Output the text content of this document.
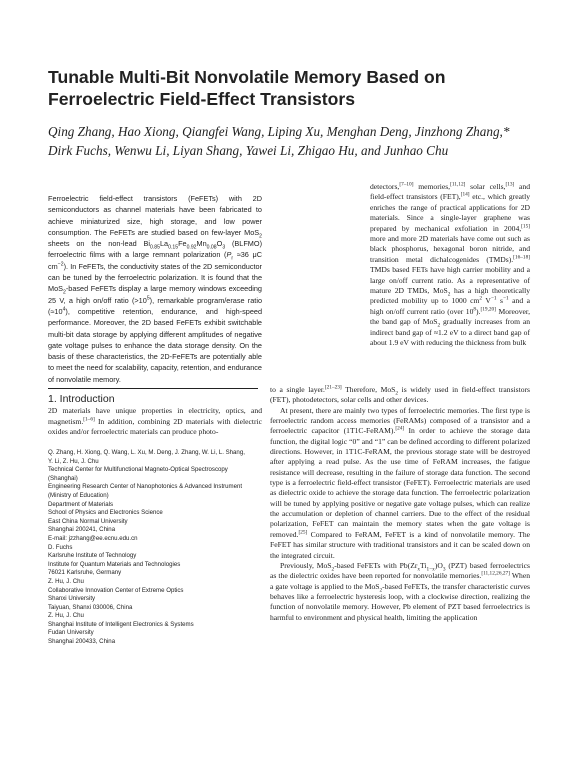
Tunable Multi-Bit Nonvolatile Memory Based on
Ferroelectric Field-Effect Transistors
Qing Zhang, Hao Xiong, Qiangfei Wang, Liping Xu, Menghan Deng, Jinzhong Zhang,*
Dirk Fuchs, Wenwu Li, Liyan Shang, Yawei Li, Zhigao Hu, and Junhao Chu

Ferroelectric field-effect transistors (FeFETs) with 2D semiconductors as channel materials have been fabricated to achieve miniaturized size, high storage, and low power consumption. The FeFETs are studied based on few-layer MoS$_2$ sheets on the non-lead $Bi_{0.85}La_{0.15}Fe_{0.92}Mn_{0.08}O_3$ (BLFMO) ferroelectric films with a large remnant polarization ($P_r \approx 36$ μC $cm^{-2}$). In FeFETs, the conductivity states of the 2D semiconductor can be tuned by the ferroelectric polarization. It is found that the MoS$_2$-based FeFETs display a large memory windows exceeding 25 V, a high on/off ratio $(>10^5)$, remarkable program/erase ratio $(\approx 10^4)$, competitive retention, endurance, and high-speed performance. Moreover, the 2D based FeFETs exhibit switchable multi-bit data storage by applying different amplitudes of negative gate voltage pulses to enhance the data storage density. On the basis of these characteristics, the 2D-FeFETs are potentially able to meet the need for scalability, capacity, retention, and endurance of nonvolatile memory.

detectors,[7–10] memories,[11,12] solar cells,[13] and field-effect transistors (FET),[14] etc., which greatly enriches the range of practical applications for 2D materials. Since a single-layer graphene was prepared by mechanical exfoliation in 2004,[15] more and more 2D materials have come out such as black phosphorus, hexagonal boron nitride, and transition metal dichalcogenides (TMDs).[16–18] TMDs based FETs have high carrier mobility and a large on/off current ratio. As a representative of mature 2D TMDs, MoS$_2$ has a high theoretically predicted mobility up to 1000 $cm^2$ $V^{-1}$ $s^{-1}$ and a high on/off current ratio (over $10^8).[19,20]$ Moreover, the band gap of MoS$_2$ gradually increases from an indirect band gap of ≈1.2 eV to a direct band gap of about 1.9 eV with reducing the thickness from bulk

1. Introduction

2D materials have unique properties in electricity, optics, and magnetism.[1–6] In addition, combining 2D materials with dielectric oxides and/or ferroelectric materials can produce photo-

Q. Zhang, H. Xiong, Q. Wang, L. Xu, M. Deng, J. Zhang, W. Li, L. Shang,
Y. Li, Z. Hu, J. Chu
Technical Center for Multifunctional Magneto-Optical Spectroscopy
(Shanghai)
Engineering Research Center of Nanophotonics & Advanced Instrument
(Ministry of Education)
Department of Materials
School of Physics and Electronics Science
East China Normal University
Shanghai 200241, China
E-mail: jzzhang@ee.ecnu.edu.cn
D. Fuchs
Karlsruhe Institute of Technology
Institute for Quantum Materials and Technologies
76021 Karlsruhe, Germany
Z. Hu, J. Chu
Collaborative Innovation Center of Extreme Optics
Shanxi University
Taiyuan, Shanxi 030006, China
Z. Hu, J. Chu
Shanghai Institute of Intelligent Electronics & Systems
Fudan University
Shanghai 200433, China

to a single layer.[21–23] Therefore, MoS$_2$ is widely used in field-effect transistors (FET), photodetectors, solar cells and other devices.

At present, there are mainly two types of ferroelectric memories. The first type is ferroelectric random access memories (FeRAMs) composed of a transistor and a ferroelectric capacitor (1T1C-FeRAM).[24] In order to achieve the storage data function, the digital logic “0” and “1” can be defined according to different polarized directions. However, in 1T1C-FeRAM, the previous storage state will be destroyed after applying a read pulse. As the use time of FeRAM increases, the fatigue resistance will decrease, resulting in the failure of storage data function. The second type is a ferroelectric field-effect transistor (FeFET). Ferroelectric materials are used as dielectric oxide to achieve the storage data function. The ferroelectric polarization will be tuned by applying positive or negative gate voltage pulses, which can realize the accumulation or depletion of channel carriers. Due to the effect of the residual polarization, FeFET can maintain the memory states when the gate voltage is removed.[25] Compared to FeRAM, FeFET is a kind of nonvolatile memory. The FeFET has similar structure with traditional transistors and it can be scaled down on the integrated circuit.

Previously, MoS$_2$-based FeFETs with $Pb(Zr_xTi_{1-x})O_3$ (PZT) based ferroelectrics as the dielectric oxides have been reported for nonvolatile memories.[11,12,26,27] When a gate voltage is applied to the MoS$_2$-based FeFETs, the transfer characteristic curves behaves like a ferroelectric hysteresis loop, with a clockwise direction, realizing the function of nonvolatile memory. However, Pb element of PZT based ferroelectrics is harmful to environment and physical health, limiting the application
